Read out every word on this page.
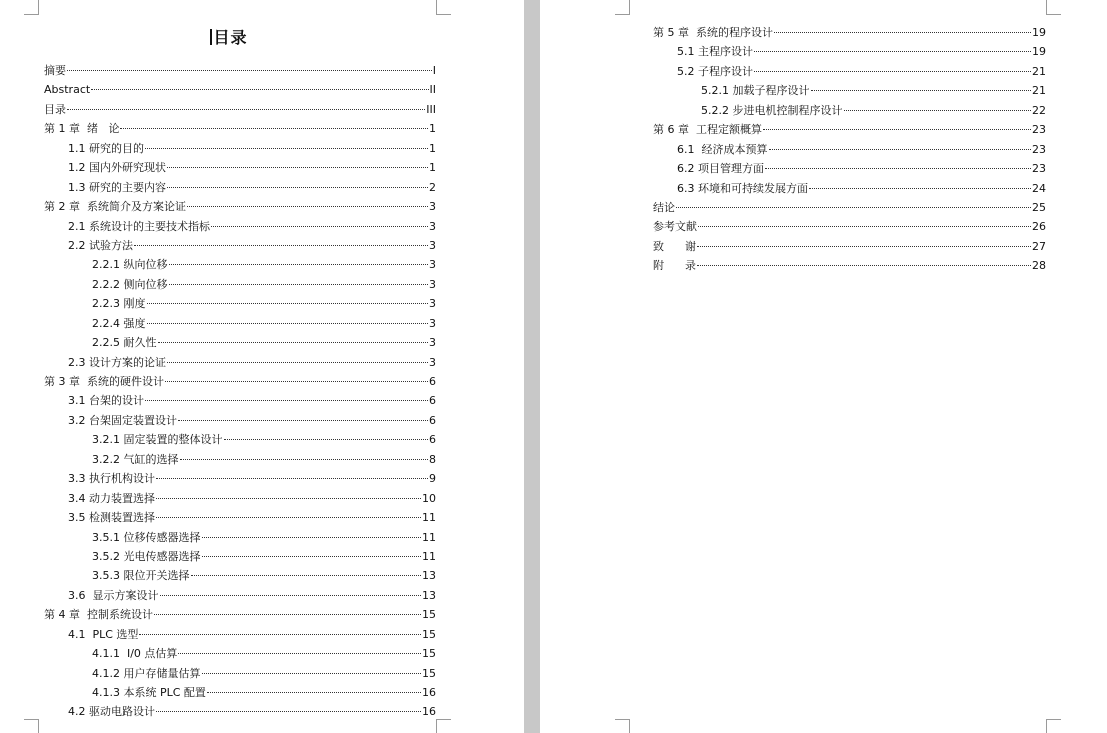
目录
摘要	I
Abstract	II
目录	III
第 1 章  绪   论	1
1.1 研究的目的	1
1.2 国内外研究现状	1
1.3 研究的主要内容	2
第 2 章  系统简介及方案论证	3
2.1 系统设计的主要技术指标	3
2.2 试验方法	3
2.2.1 纵向位移	3
2.2.2 侧向位移	3
2.2.3 刚度	3
2.2.4 强度	3
2.2.5 耐久性	3
2.3 设计方案的论证	3
第 3 章  系统的硬件设计	6
3.1 台架的设计	6
3.2 台架固定装置设计	6
3.2.1 固定装置的整体设计	6
3.2.2 气缸的选择	8
3.3 执行机构设计	9
3.4 动力装置选择	10
3.5 检测装置选择	11
3.5.1 位移传感器选择	11
3.5.2 光电传感器选择	11
3.5.3 限位开关选择	13
3.6  显示方案设计	13
第 4 章  控制系统设计	15
4.1  PLC 选型	15
4.1.1  I/0 点估算	15
4.1.2 用户存储量估算	15
4.1.3 本系统 PLC 配置	16
4.2 驱动电路设计	16
第 5 章  系统的程序设计	19
5.1 主程序设计	19
5.2 子程序设计	21
5.2.1 加载子程序设计	21
5.2.2 步进电机控制程序设计	22
第 6 章  工程定额概算	23
6.1  经济成本预算	23
6.2 项目管理方面	23
6.3 环境和可持续发展方面	24
结论	25
参考文献	26
致      谢	27
附      录	28
